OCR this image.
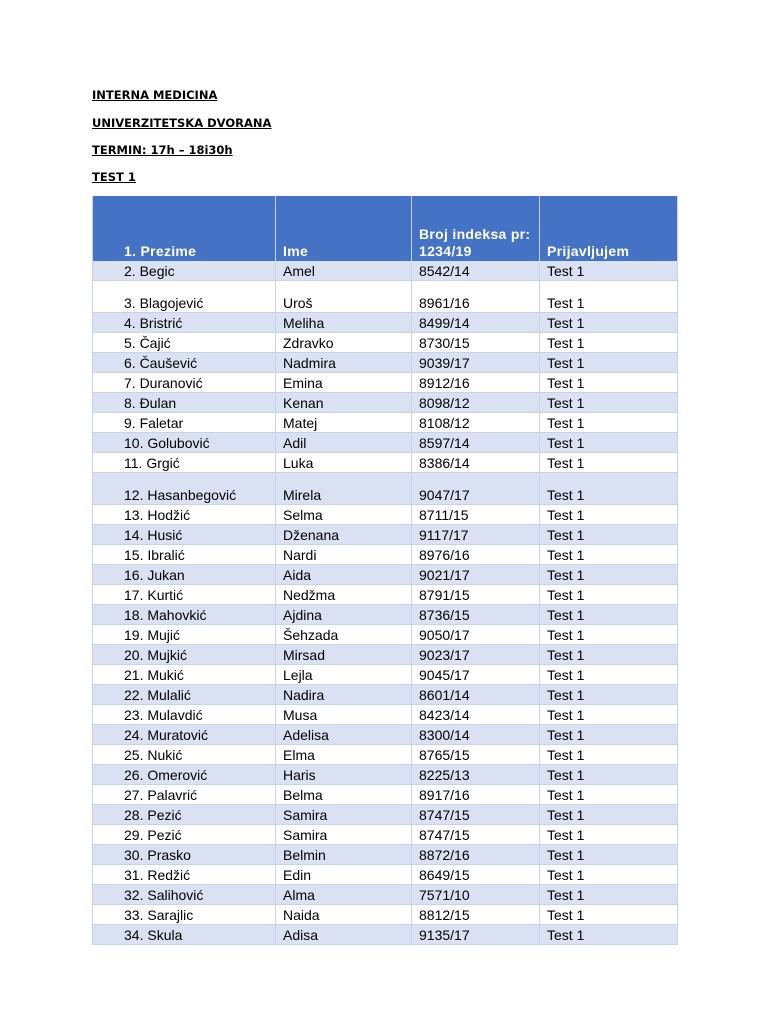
INTERNA MEDICINA
UNIVERZITETSKA DVORANA
TERMIN: 17h – 18i30h
TEST 1
1. Prezime	Ime	Broj indeksa pr: 1234/19	Prijavljujem
2. Begic	Amel	8542/14	Test 1
3. Blagojević	Uroš	8961/16	Test 1
4. Bristrić	Meliha	8499/14	Test 1
5. Čajić	Zdravko	8730/15	Test 1
6. Čaušević	Nadmira	9039/17	Test 1
7. Duranović	Emina	8912/16	Test 1
8. Đulan	Kenan	8098/12	Test 1
9. Faletar	Matej	8108/12	Test 1
10. Golubović	Adil	8597/14	Test 1
11. Grgić	Luka	8386/14	Test 1
12. Hasanbegović	Mirela	9047/17	Test 1
13. Hodžić	Selma	8711/15	Test 1
14. Husić	Dženana	9117/17	Test 1
15. Ibralić	Nardi	8976/16	Test 1
16. Jukan	Aida	9021/17	Test 1
17. Kurtić	Nedžma	8791/15	Test 1
18. Mahovkić	Ajdina	8736/15	Test 1
19. Mujić	Šehzada	9050/17	Test 1
20. Mujkić	Mirsad	9023/17	Test 1
21. Mukić	Lejla	9045/17	Test 1
22. Mulalić	Nadira	8601/14	Test 1
23. Mulavdić	Musa	8423/14	Test 1
24. Muratović	Adelisa	8300/14	Test 1
25. Nukić	Elma	8765/15	Test 1
26. Omerović	Haris	8225/13	Test 1
27. Palavrić	Belma	8917/16	Test 1
28. Pezić	Samira	8747/15	Test 1
29. Pezić	Samira	8747/15	Test 1
30. Prasko	Belmin	8872/16	Test 1
31. Redžić	Edin	8649/15	Test 1
32. Salihović	Alma	7571/10	Test 1
33. Sarajlic	Naida	8812/15	Test 1
34. Skula	Adisa	9135/17	Test 1
